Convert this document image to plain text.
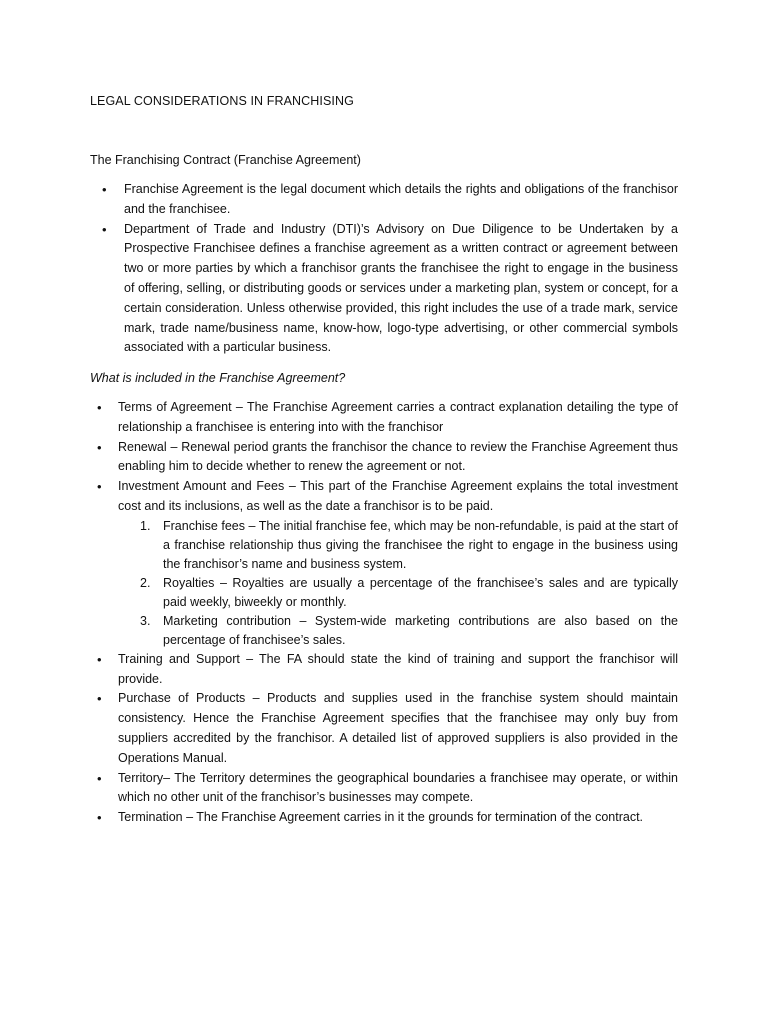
LEGAL CONSIDERATIONS IN FRANCHISING
The Franchising Contract (Franchise Agreement)
• Franchise Agreement is the legal document which details the rights and obligations of the franchisor and the franchisee.
• Department of Trade and Industry (DTI)’s Advisory on Due Diligence to be Undertaken by a Prospective Franchisee defines a franchise agreement as a written contract or agreement between two or more parties by which a franchisor grants the franchisee the right to engage in the business of offering, selling, or distributing goods or services under a marketing plan, system or concept, for a certain consideration. Unless otherwise provided, this right includes the use of a trade mark, service mark, trade name/business name, know-how, logo-type advertising, or other commercial symbols associated with a particular business.
What is included in the Franchise Agreement?
• Terms of Agreement – The Franchise Agreement carries a contract explanation detailing the type of relationship a franchisee is entering into with the franchisor
• Renewal – Renewal period grants the franchisor the chance to review the Franchise Agreement thus enabling him to decide whether to renew the agreement or not.
• Investment Amount and Fees – This part of the Franchise Agreement explains the total investment cost and its inclusions, as well as the date a franchisor is to be paid.
1. Franchise fees – The initial franchise fee, which may be non-refundable, is paid at the start of a franchise relationship thus giving the franchisee the right to engage in the business using the franchisor’s name and business system.
2. Royalties – Royalties are usually a percentage of the franchisee’s sales and are typically paid weekly, biweekly or monthly.
3. Marketing contribution – System-wide marketing contributions are also based on the percentage of franchisee’s sales.
• Training and Support – The FA should state the kind of training and support the franchisor will provide.
• Purchase of Products – Products and supplies used in the franchise system should maintain consistency. Hence the Franchise Agreement specifies that the franchisee may only buy from suppliers accredited by the franchisor. A detailed list of approved suppliers is also provided in the Operations Manual.
• Territory– The Territory determines the geographical boundaries a franchisee may operate, or within which no other unit of the franchisor’s businesses may compete.
• Termination – The Franchise Agreement carries in it the grounds for termination of the contract.
